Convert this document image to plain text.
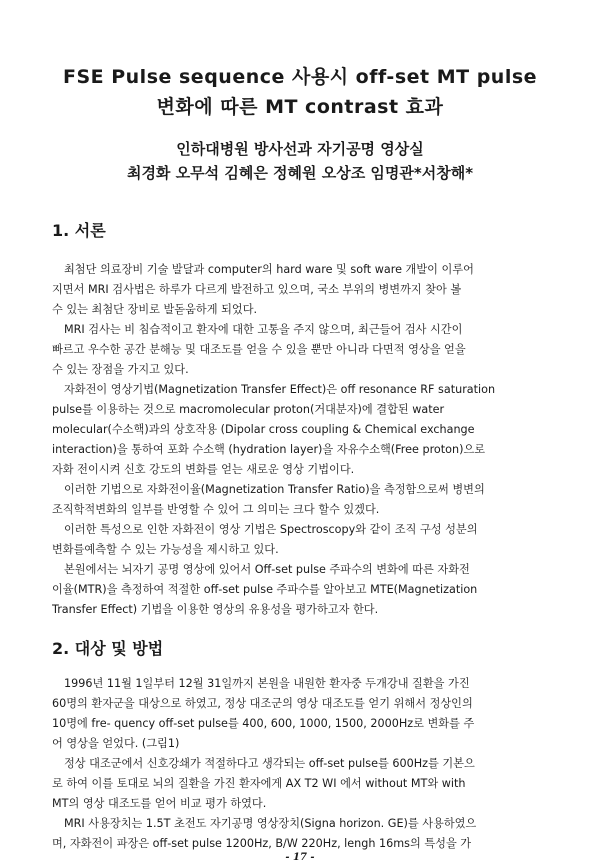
FSE Pulse sequence 사용시 off-set MT pulse
변화에 따른 MT contrast 효과

인하대병원 방사선과 자기공명 영상실

최경화 오무석 김혜은 정혜원 오상조 임명관*서창해*

1. 서론

최첨단 의료장비 기술 발달과 computer의 hard ware 및 soft ware 개발이 이루어

지면서 MRI 검사법은 하루가 다르게 발전하고 있으며, 국소 부위의 병변까지 찾아 볼

수 있는 최첨단 장비로 발돋움하게 되었다.

MRI 검사는 비 침습적이고 환자에 대한 고통을 주지 않으며, 최근들어 검사 시간이

빠르고 우수한 공간 분해능 및 대조도를 얻을 수 있을 뿐만 아니라 다면적 영상을 얻을

수 있는 장점을 가지고 있다.

자화전이 영상기법(Magnetization Transfer Effect)은 off resonance RF saturation

pulse를 이용하는 것으로 macromolecular proton(거대분자)에 결합된 water

molecular(수소핵)과의 상호작용 (Dipolar cross coupling & Chemical exchange

interaction)을 통하여 포화 수소핵 (hydration layer)을 자유수소핵(Free proton)으로

자화 전이시켜 신호 강도의 변화를 얻는 새로운 영상 기법이다.

이러한 기법으로 자화전이율(Magnetization Transfer Ratio)을 측정함으로써 병변의

조직학적변화의 일부를 반영할 수 있어 그 의미는 크다 할수 있겠다.

이러한 특성으로 인한 자화전이 영상 기법은 Spectroscopy와 같이 조직 구성 성분의

변화를예측할 수 있는 가능성을 제시하고 있다.

본원에서는 뇌자기 공명 영상에 있어서 Off-set pulse 주파수의 변화에 따른 자화전

이율(MTR)을 측정하여 적절한 off-set pulse 주파수를 알아보고 MTE(Magnetization

Transfer Effect) 기법을 이용한 영상의 유용성을 평가하고자 한다.

2. 대상 및 방법

1996년 11월 1일부터 12월 31일까지 본원을 내원한 환자중 두개강내 질환을 가진

60명의 환자군을 대상으로 하였고, 정상 대조군의 영상 대조도를 얻기 위해서 정상인의

10명에 fre- quency off-set pulse를 400, 600, 1000, 1500, 2000Hz로 변화를 주

어 영상을 얻었다. (그림1)

정상 대조군에서 신호강쇄가 적절하다고 생각되는 off-set pulse를 600Hz를 기본으

로 하여 이를 토대로 뇌의 질환을 가진 환자에게 AX T2 WI 에서 without MT와 with

MT의 영상 대조도를 얻어 비교 평가 하였다.

MRI 사용장치는 1.5T 초전도 자기공명 영상장치(Signa horizon. GE)를 사용하였으

며, 자화전이 파장은 off-set pulse 1200Hz, B/W 220Hz, lengh 16ms의 특성을 가

- 17 -
